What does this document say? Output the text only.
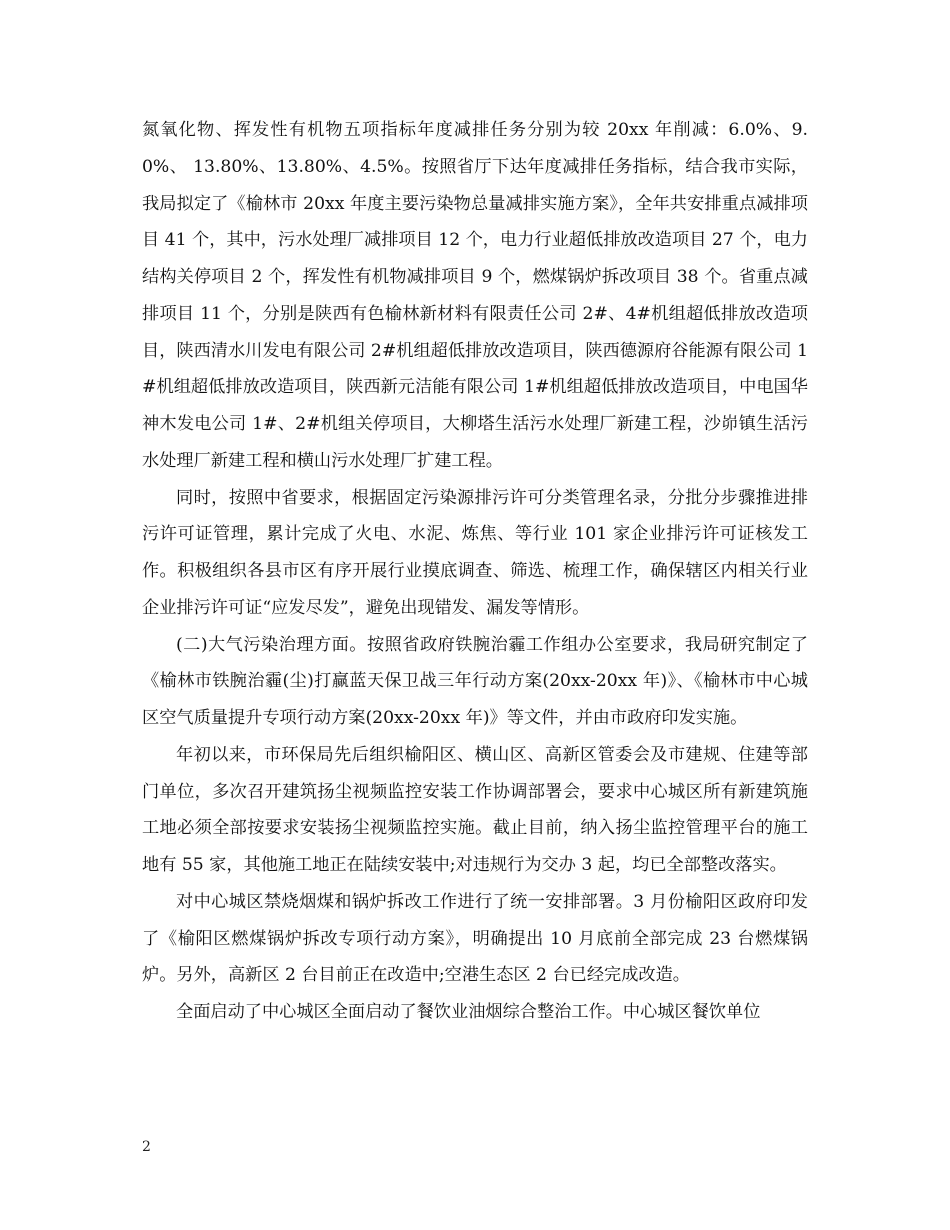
氮氧化物、挥发性有机物五项指标年度减排任务分别为较 20xx 年削减：6.0%、9.0%、 13.80%、13.80%、4.5%。按照省厅下达年度减排任务指标，结合我市实际，我局拟定了《榆林市 20xx 年度主要污染物总量减排实施方案》，全年共安排重点减排项目 41 个，其中，污水处理厂减排项目 12 个，电力行业超低排放改造项目 27 个，电力结构关停项目 2 个，挥发性有机物减排项目 9 个，燃煤锅炉拆改项目 38 个。省重点减排项目 11 个，分别是陕西有色榆林新材料有限责任公司 2#、4#机组超低排放改造项目，陕西清水川发电有限公司 2#机组超低排放改造项目，陕西德源府谷能源有限公司 1#机组超低排放改造项目，陕西新元洁能有限公司 1#机组超低排放改造项目，中电国华神木发电公司 1#、2#机组关停项目，大柳塔生活污水处理厂新建工程，沙峁镇生活污水处理厂新建工程和横山污水处理厂扩建工程。

同时，按照中省要求，根据固定污染源排污许可分类管理名录，分批分步骤推进排污许可证管理，累计完成了火电、水泥、炼焦、等行业 101 家企业排污许可证核发工作。积极组织各县市区有序开展行业摸底调查、筛选、梳理工作，确保辖区内相关行业企业排污许可证“应发尽发”，避免出现错发、漏发等情形。

(二)大气污染治理方面。按照省政府铁腕治霾工作组办公室要求，我局研究制定了《榆林市铁腕治霾(尘)打赢蓝天保卫战三年行动方案(20xx-20xx 年)》、《榆林市中心城区空气质量提升专项行动方案(20xx-20xx 年)》等文件，并由市政府印发实施。

年初以来，市环保局先后组织榆阳区、横山区、高新区管委会及市建规、住建等部门单位，多次召开建筑扬尘视频监控安装工作协调部署会，要求中心城区所有新建筑施工地必须全部按要求安装扬尘视频监控实施。截止目前，纳入扬尘监控管理平台的施工地有 55 家，其他施工地正在陆续安装中;对违规行为交办 3 起，均已全部整改落实。

对中心城区禁烧烟煤和锅炉拆改工作进行了统一安排部署。3 月份榆阳区政府印发了《榆阳区燃煤锅炉拆改专项行动方案》，明确提出 10 月底前全部完成 23 台燃煤锅炉。另外，高新区 2 台目前正在改造中;空港生态区 2 台已经完成改造。

全面启动了中心城区全面启动了餐饮业油烟综合整治工作。中心城区餐饮单位

2
